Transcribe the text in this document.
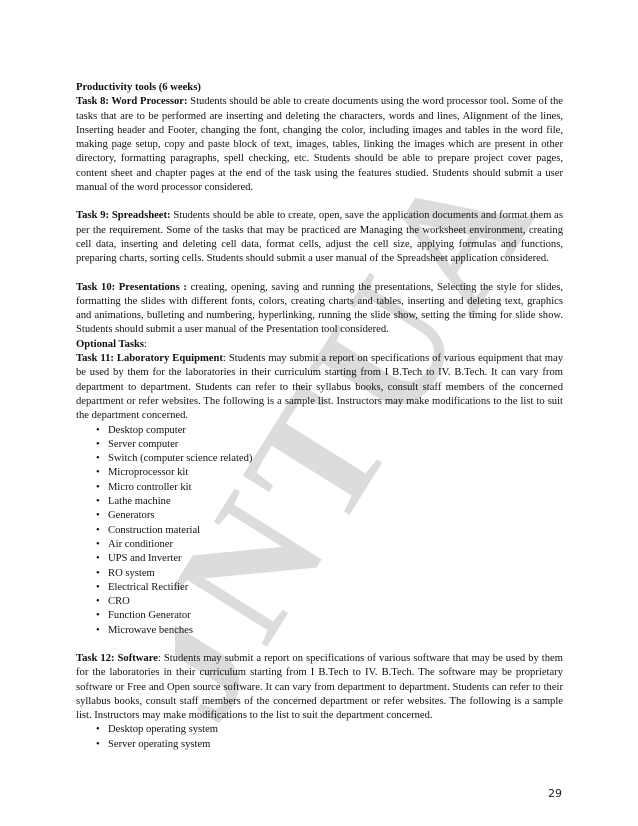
JNTUA

Productivity tools (6 weeks)

Task 8: Word Processor: Students should be able to create documents using the word processor tool. Some of the tasks that are to be performed are inserting and deleting the characters, words and lines, Alignment of the lines, Inserting header and Footer, changing the font, changing the color, including images and tables in the word file, making page setup, copy and paste block of text, images, tables, linking the images which are present in other directory, formatting paragraphs, spell checking, etc. Students should be able to prepare project cover pages, content sheet and chapter pages at the end of the task using the features studied. Students should submit a user manual of the word processor considered.

Task 9: Spreadsheet: Students should be able to create, open, save the application documents and format them as per the requirement. Some of the tasks that may be practiced are Managing the worksheet environment, creating cell data, inserting and deleting cell data, format cells, adjust the cell size, applying formulas and functions, preparing charts, sorting cells. Students should submit a user manual of the Spreadsheet application considered.

Task 10: Presentations : creating, opening, saving and running the presentations, Selecting the style for slides, formatting the slides with different fonts, colors, creating charts and tables, inserting and deleting text, graphics and animations, bulleting and numbering, hyperlinking, running the slide show, setting the timing for slide show. Students should submit a user manual of the Presentation tool considered.

Optional Tasks:

Task 11: Laboratory Equipment: Students may submit a report on specifications of various equipment that may be used by them for the laboratories in their curriculum starting from I B.Tech to IV. B.Tech. It can vary from department to department. Students can refer to their syllabus books, consult staff members of the concerned department or refer websites. The following is a sample list. Instructors may make modifications to the list to suit the department concerned.

• Desktop computer
• Server computer
• Switch (computer science related)
• Microprocessor kit
• Micro controller kit
• Lathe machine
• Generators
• Construction material
• Air conditioner
• UPS and Inverter
• RO system
• Electrical Rectifier
• CRO
• Function Generator
• Microwave benches

Task 12: Software: Students may submit a report on specifications of various software that may be used by them for the laboratories in their curriculum starting from I B.Tech to IV. B.Tech. The software may be proprietary software or Free and Open source software. It can vary from department to department. Students can refer to their syllabus books, consult staff members of the concerned department or refer websites. The following is a sample list. Instructors may make modifications to the list to suit the department concerned.

• Desktop operating system
• Server operating system
29
